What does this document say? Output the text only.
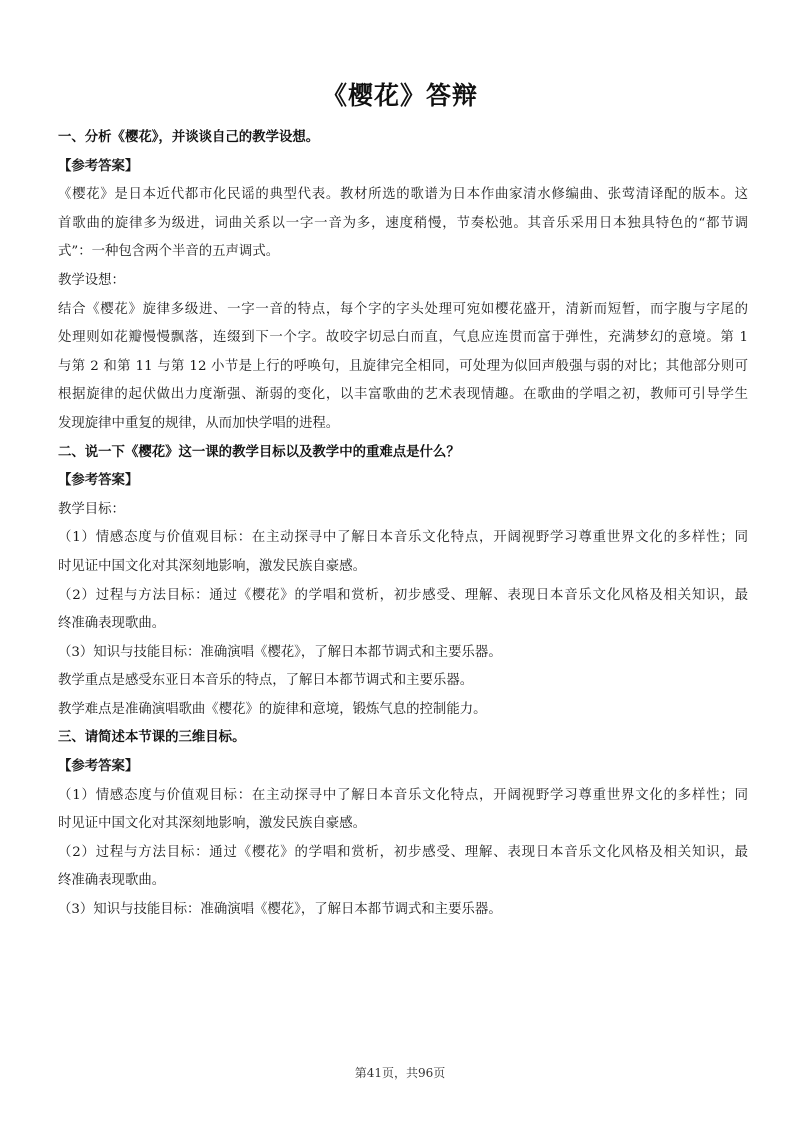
《樱花》答辩
一、分析《樱花》，并谈谈自己的教学设想。
【参考答案】
《樱花》是日本近代都市化民谣的典型代表。教材所选的歌谱为日本作曲家清水修编曲、张莺清译配的版本。这
首歌曲的旋律多为级进，词曲关系以一字一音为多，速度稍慢，节奏松弛。其音乐采用日本独具特色的“都节调
式”：一种包含两个半音的五声调式。
教学设想：
结合《樱花》旋律多级进、一字一音的特点，每个字的字头处理可宛如樱花盛开，清新而短暂，而字腹与字尾的
处理则如花瓣慢慢飘落，连缀到下一个字。故咬字切忌白而直，气息应连贯而富于弹性，充满梦幻的意境。第 1
与第 2 和第 11 与第 12 小节是上行的呼唤句，且旋律完全相同，可处理为似回声般强与弱的对比；其他部分则可
根据旋律的起伏做出力度渐强、渐弱的变化，以丰富歌曲的艺术表现情趣。在歌曲的学唱之初，教师可引导学生
发现旋律中重复的规律，从而加快学唱的进程。
二、说一下《樱花》这一课的教学目标以及教学中的重难点是什么？
【参考答案】
教学目标：
（1）情感态度与价值观目标：在主动探寻中了解日本音乐文化特点，开阔视野学习尊重世界文化的多样性；同
时见证中国文化对其深刻地影响，激发民族自豪感。
（2）过程与方法目标：通过《樱花》的学唱和赏析，初步感受、理解、表现日本音乐文化风格及相关知识，最
终准确表现歌曲。
（3）知识与技能目标：准确演唱《樱花》，了解日本都节调式和主要乐器。
教学重点是感受东亚日本音乐的特点，了解日本都节调式和主要乐器。
教学难点是准确演唱歌曲《樱花》的旋律和意境，锻炼气息的控制能力。
三、请简述本节课的三维目标。
【参考答案】
（1）情感态度与价值观目标：在主动探寻中了解日本音乐文化特点，开阔视野学习尊重世界文化的多样性；同
时见证中国文化对其深刻地影响，激发民族自豪感。
（2）过程与方法目标：通过《樱花》的学唱和赏析，初步感受、理解、表现日本音乐文化风格及相关知识，最
终准确表现歌曲。
（3）知识与技能目标：准确演唱《樱花》，了解日本都节调式和主要乐器。
第41页，共96页
